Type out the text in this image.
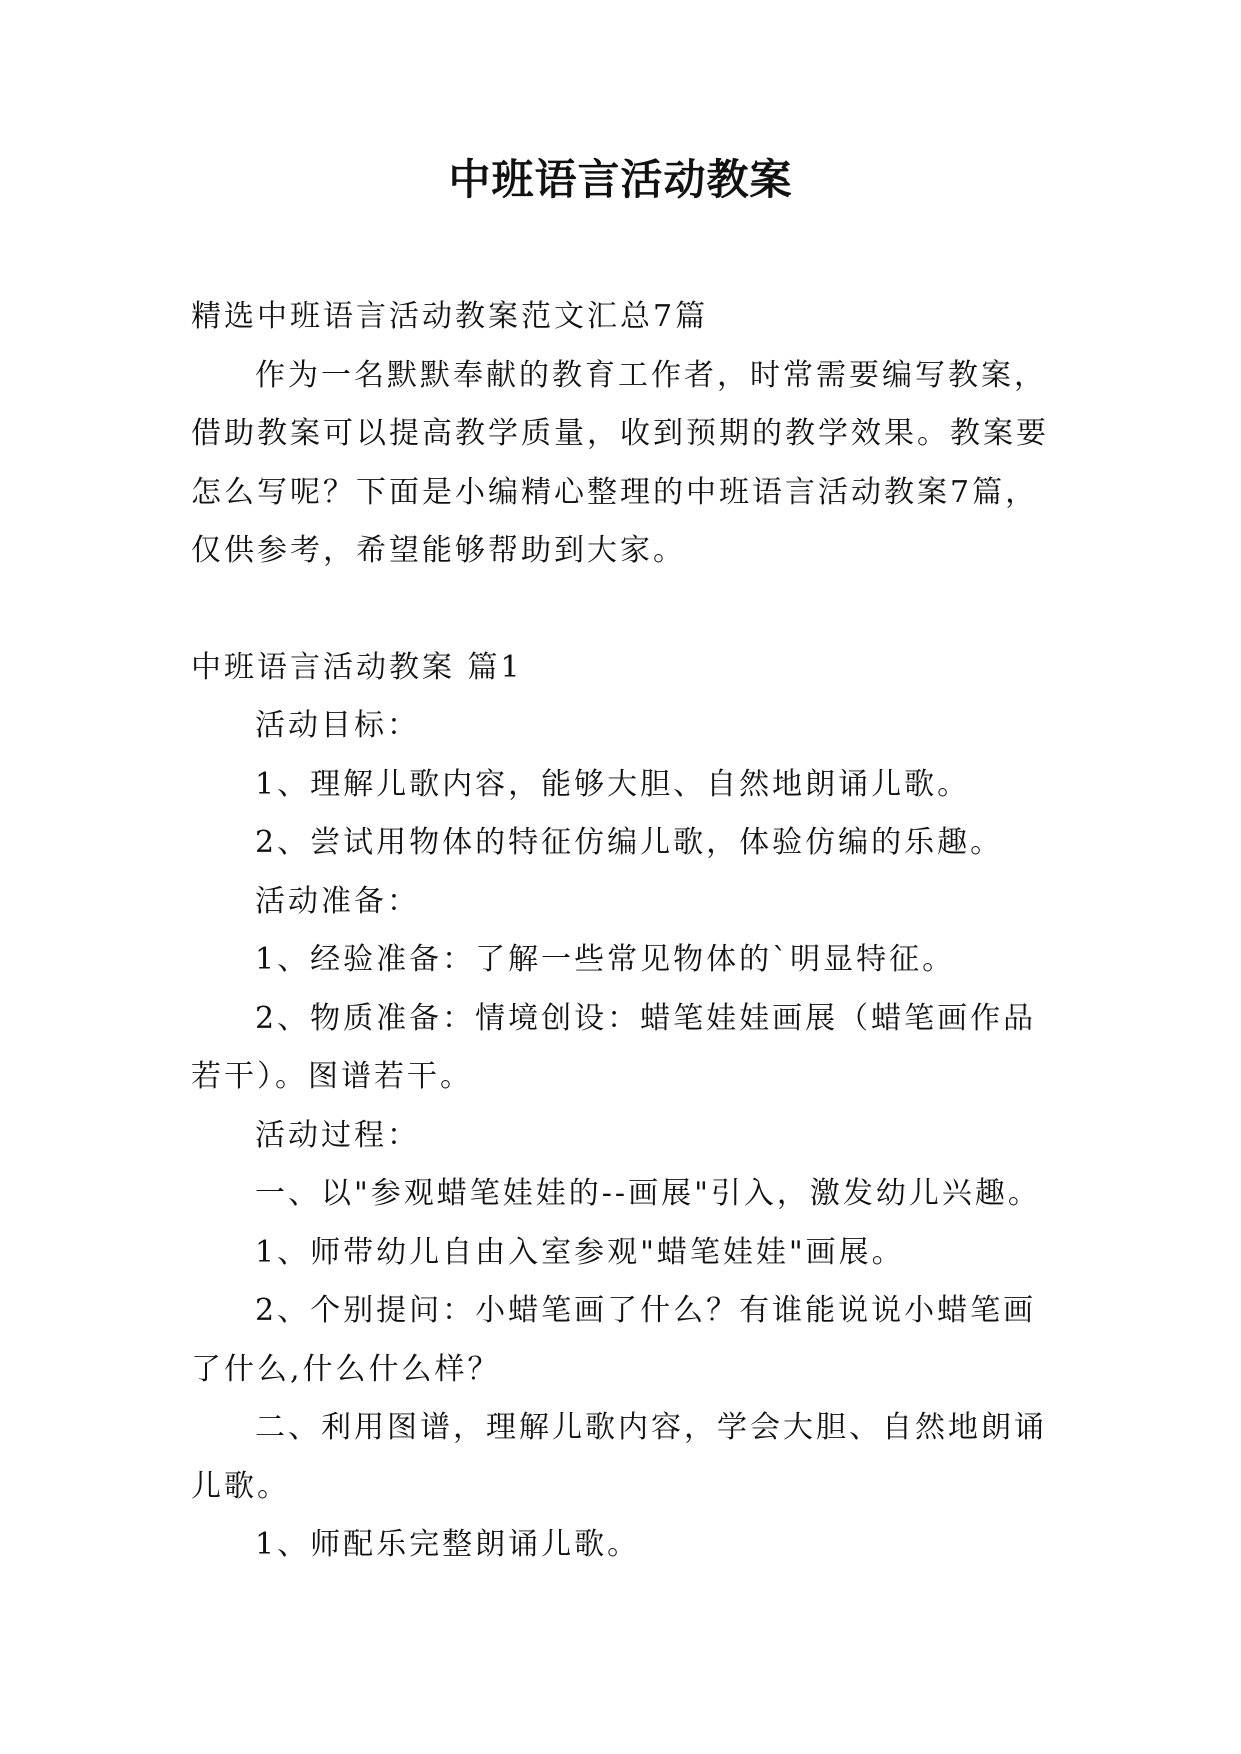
中班语言活动教案

精选中班语言活动教案范文汇总7篇

作为一名默默奉献的教育工作者，时常需要编写教案，借助教案可以提高教学质量，收到预期的教学效果。教案要怎么写呢？下面是小编精心整理的中班语言活动教案7篇，仅供参考，希望能够帮助到大家。

中班语言活动教案 篇1

活动目标：

1、理解儿歌内容，能够大胆、自然地朗诵儿歌。

2、尝试用物体的特征仿编儿歌，体验仿编的乐趣。

活动准备：

1、经验准备：了解一些常见物体的`明显特征。

2、物质准备：情境创设：蜡笔娃娃画展（蜡笔画作品若干）。图谱若干。

活动过程：

一、以"参观蜡笔娃娃的--画展"引入，激发幼儿兴趣。

1、师带幼儿自由入室参观"蜡笔娃娃"画展。

2、个别提问：小蜡笔画了什么？有谁能说说小蜡笔画了什么,什么什么样？

二、利用图谱，理解儿歌内容，学会大胆、自然地朗诵儿歌。

1、师配乐完整朗诵儿歌。
